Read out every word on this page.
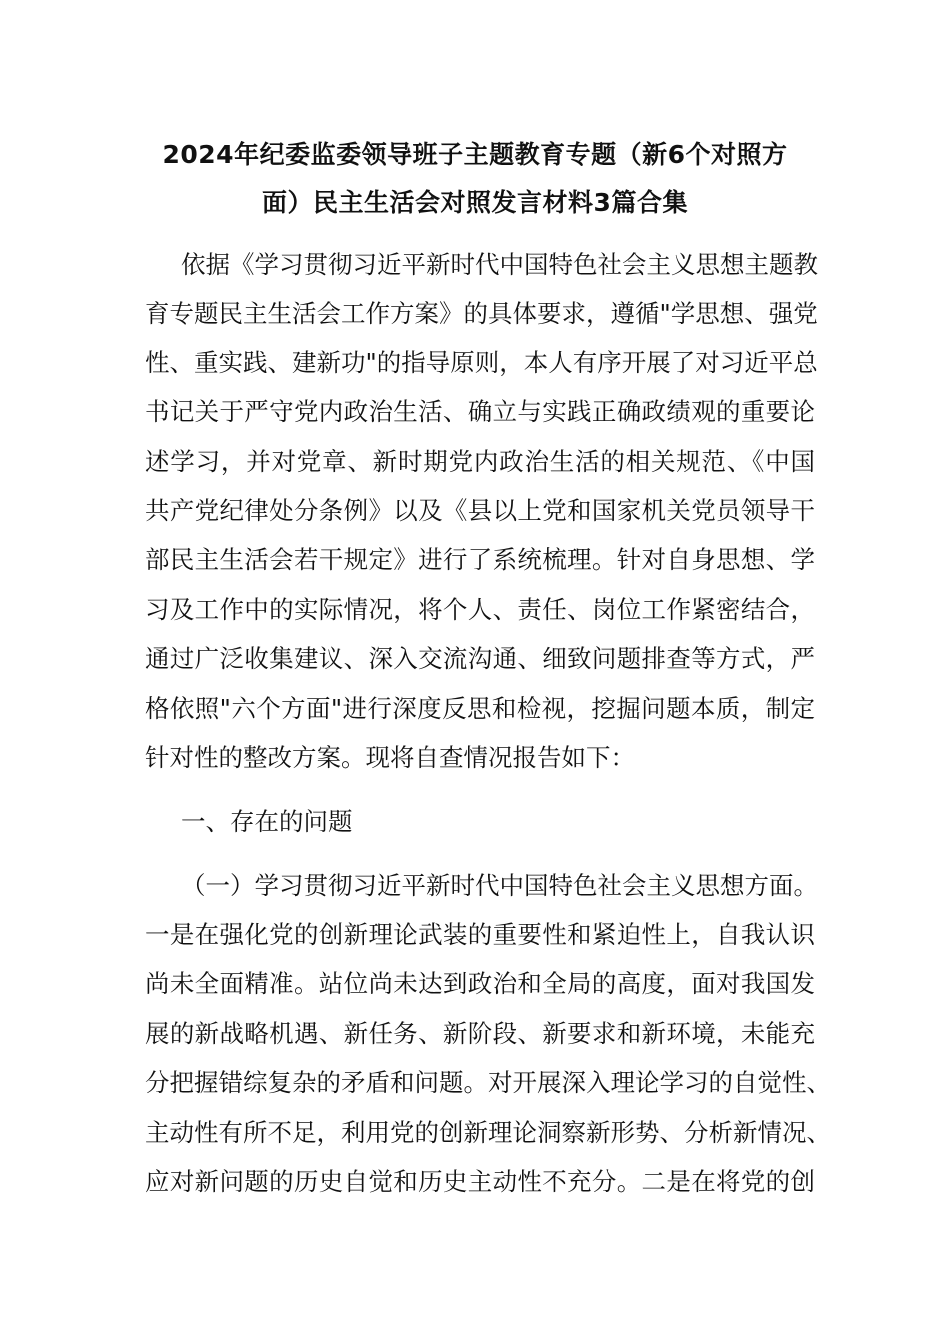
2024年纪委监委领导班子主题教育专题（新6个对照方
面）民主生活会对照发言材料3篇合集
依据《学习贯彻习近平新时代中国特色社会主义思想主题教
育专题民主生活会工作方案》的具体要求，遵循"学思想、强党
性、重实践、建新功"的指导原则，本人有序开展了对习近平总
书记关于严守党内政治生活、确立与实践正确政绩观的重要论
述学习，并对党章、新时期党内政治生活的相关规范、《中国
共产党纪律处分条例》以及《县以上党和国家机关党员领导干
部民主生活会若干规定》进行了系统梳理。针对自身思想、学
习及工作中的实际情况，将个人、责任、岗位工作紧密结合，
通过广泛收集建议、深入交流沟通、细致问题排查等方式，严
格依照"六个方面"进行深度反思和检视，挖掘问题本质，制定
针对性的整改方案。现将自查情况报告如下：
一、存在的问题
（一）学习贯彻习近平新时代中国特色社会主义思想方面。
一是在强化党的创新理论武装的重要性和紧迫性上，自我认识
尚未全面精准。站位尚未达到政治和全局的高度，面对我国发
展的新战略机遇、新任务、新阶段、新要求和新环境，未能充
分把握错综复杂的矛盾和问题。对开展深入理论学习的自觉性、
主动性有所不足，利用党的创新理论洞察新形势、分析新情况、
应对新问题的历史自觉和历史主动性不充分。二是在将党的创
